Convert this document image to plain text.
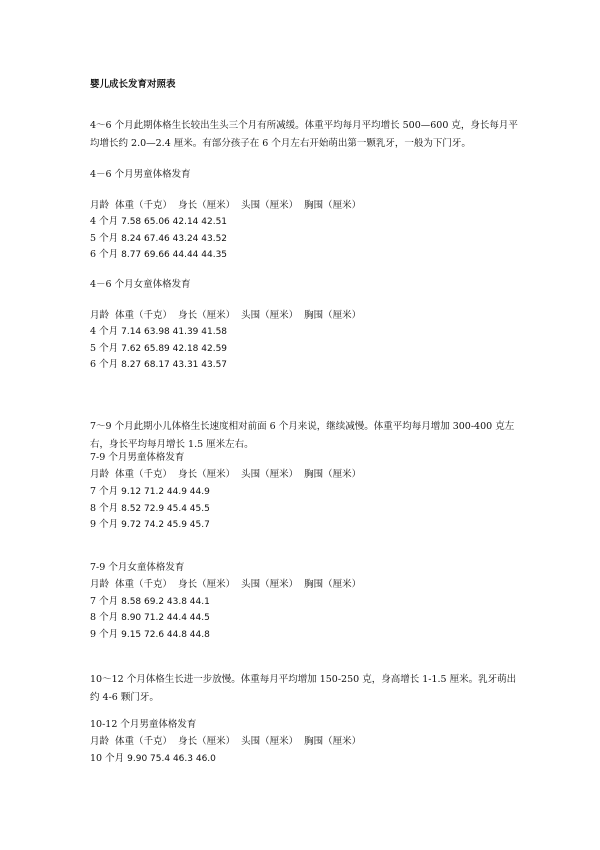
婴儿成长发育对照表
4～6 个月此期体格生长较出生头三个月有所减缓。体重平均每月平均增长 500—600 克，身长每月平均增长约 2.0—2.4 厘米。有部分孩子在 6 个月左右开始萌出第一颗乳牙，一般为下门牙。
4－6 个月男童体格发育
月龄  体重（千克）  身长（厘米）  头围（厘米）  胸围（厘米）
4 个月 7.58 65.06 42.14 42.51
5 个月 8.24 67.46 43.24 43.52
6 个月 8.77 69.66 44.44 44.35
4－6 个月女童体格发育
月龄  体重（千克）  身长（厘米）  头围（厘米）  胸围（厘米）
4 个月 7.14 63.98 41.39 41.58
5 个月 7.62 65.89 42.18 42.59
6 个月 8.27 68.17 43.31 43.57
7～9 个月此期小儿体格生长速度相对前面 6 个月来说，继续减慢。体重平均每月增加 300-400 克左右，身长平均每月增长 1.5 厘米左右。
7-9 个月男童体格发育
月龄  体重（千克）  身长（厘米）  头围（厘米）  胸围（厘米）
7 个月 9.12 71.2 44.9 44.9
8 个月 8.52 72.9 45.4 45.5
9 个月 9.72 74.2 45.9 45.7
7-9 个月女童体格发育
月龄  体重（千克）  身长（厘米）  头围（厘米）  胸围（厘米）
7 个月 8.58 69.2 43.8 44.1
8 个月 8.90 71.2 44.4 44.5
9 个月 9.15 72.6 44.8 44.8
10～12 个月体格生长进一步放慢。体重每月平均增加 150-250 克，身高增长 1-1.5 厘米。乳牙萌出约 4-6 颗门牙。
10-12 个月男童体格发育
月龄  体重（千克）  身长（厘米）  头围（厘米）  胸围（厘米）
10 个月 9.90 75.4 46.3 46.0
